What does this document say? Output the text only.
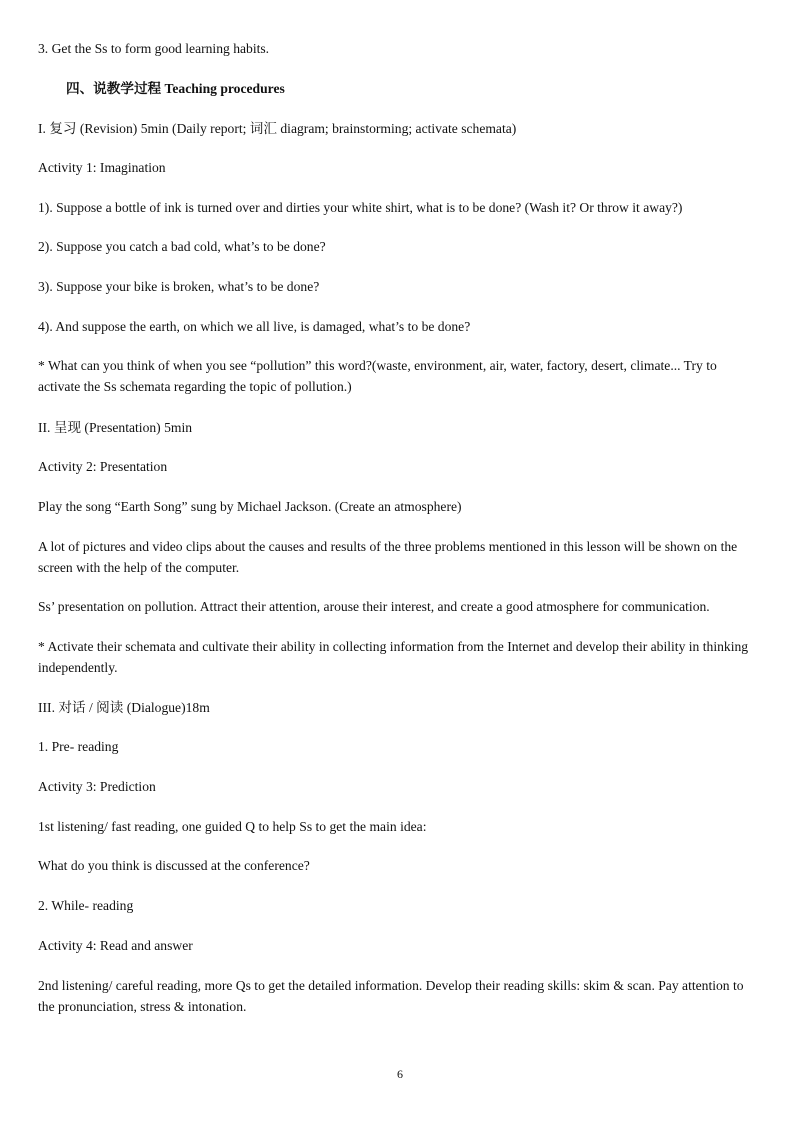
3. Get the Ss to form good learning habits.
四、说教学过程 Teaching procedures
I. 复习 (Revision) 5min (Daily report; 词汇 diagram; brainstorming; activate schemata)
Activity 1: Imagination
1). Suppose a bottle of ink is turned over and dirties your white shirt, what is to be done? (Wash it? Or throw it away?)
2). Suppose you catch a bad cold, what’s to be done?
3). Suppose your bike is broken, what’s to be done?
4). And suppose the earth, on which we all live, is damaged, what’s to be done?
* What can you think of when you see “pollution” this word?(waste, environment, air, water, factory, desert, climate... Try to activate the Ss schemata regarding the topic of pollution.)
II. 呈现 (Presentation) 5min
Activity 2: Presentation
Play the song “Earth Song” sung by Michael Jackson. (Create an atmosphere)
A lot of pictures and video clips about the causes and results of the three problems mentioned in this lesson will be shown on the screen with the help of the computer.
Ss’ presentation on pollution. Attract their attention, arouse their interest, and create a good atmosphere for communication.
* Activate their schemata and cultivate their ability in collecting information from the Internet and develop their ability in thinking independently.
III. 对话 / 阅读 (Dialogue)18m
1. Pre- reading
Activity 3: Prediction
1st listening/ fast reading, one guided Q to help Ss to get the main idea:
What do you think is discussed at the conference?
2. While- reading
Activity 4: Read and answer
2nd listening/ careful reading, more Qs to get the detailed information. Develop their reading skills: skim & scan. Pay attention to the pronunciation, stress & intonation.
6
